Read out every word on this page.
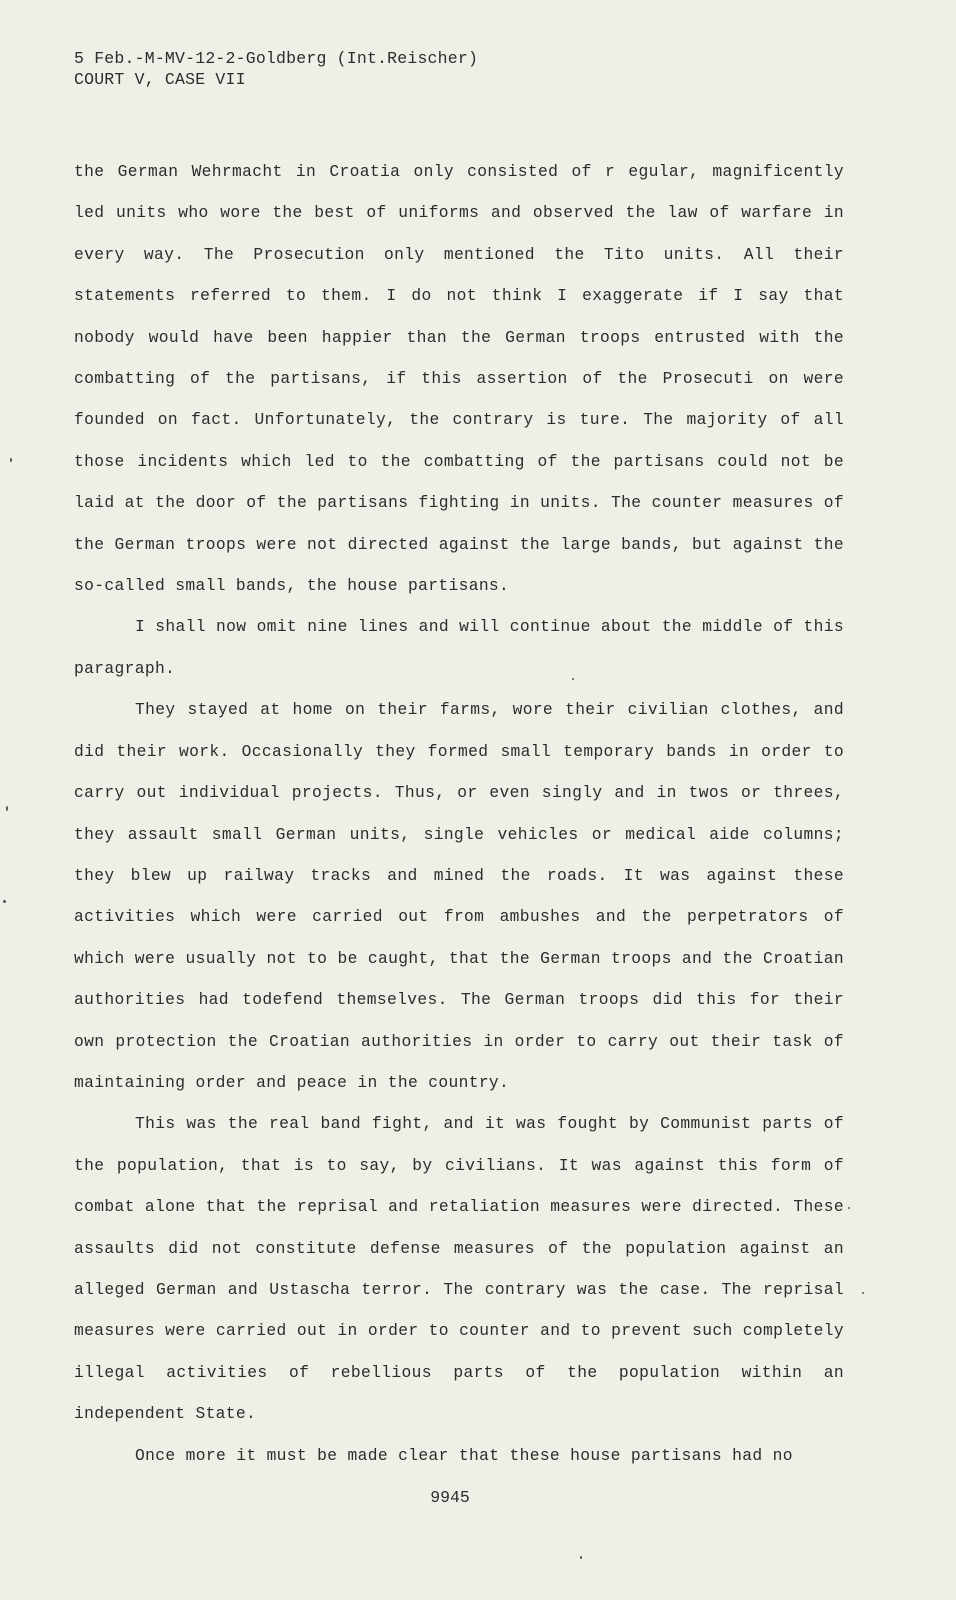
5 Feb.-M-MV-12-2-Goldberg (Int.Reischer)
COURT V, CASE VII

the German Wehrmacht in Croatia only consisted of r egular, magnificently led units who wore the best of uniforms and observed the law of warfare in every way. The Prosecution only mentioned the Tito units. All their statements referred to them. I do not think I exaggerate if I say that nobody would have been happier than the German troops entrusted with the combatting of the partisans, if this assertion of the Prosecuti on were founded on fact. Unfortunately, the contrary is ture. The majority of all those incidents which led to the combatting of the partisans could not be laid at the door of the partisans fighting in units. The counter measures of the German troops were not directed against the large bands, but against the so-called small bands, the house partisans.

I shall now omit nine lines and will continue about the middle of this paragraph.

They stayed at home on their farms, wore their civilian clothes, and did their work. Occasionally they formed small temporary bands in order to carry out individual projects. Thus, or even singly and in twos or threes, they assault small German units, single vehicles or medical aide columns; they blew up railway tracks and mined the roads. It was against these activities which were carried out from ambushes and the perpetrators of which were usually not to be caught, that the German troops and the Croatian authorities had todefend themselves. The German troops did this for their own protection the Croatian authorities in order to carry out their task of maintaining order and peace in the country.

This was the real band fight, and it was fought by Communist parts of the population, that is to say, by civilians. It was against this form of combat alone that the reprisal and retaliation measures were directed. These assaults did not constitute defense measures of the population against an alleged German and Ustascha terror. The contrary was the case. The reprisal measures were carried out in order to counter and to prevent such completely illegal activities of rebellious parts of the population within an independent State.

Once more it must be made clear that these house partisans had no

9945
